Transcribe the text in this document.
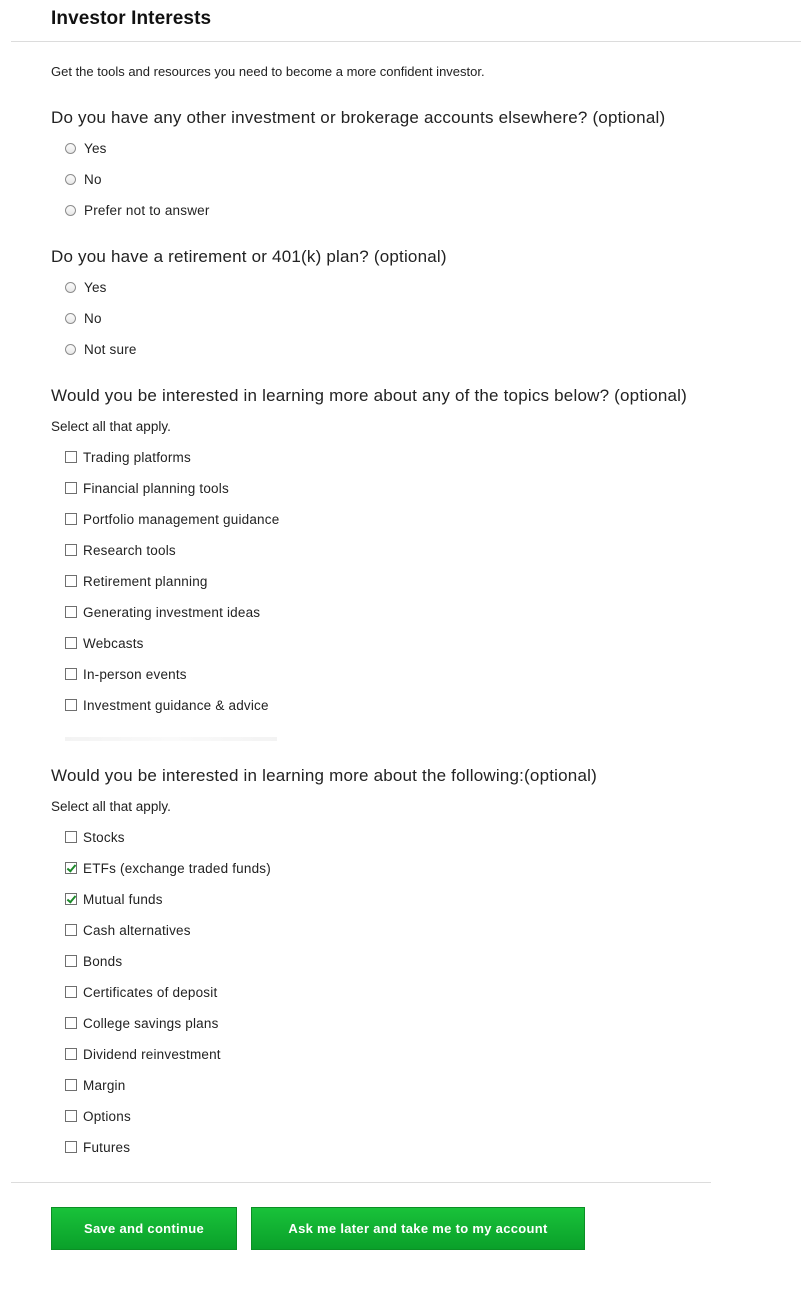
Investor Interests
Get the tools and resources you need to become a more confident investor.
Do you have any other investment or brokerage accounts elsewhere? (optional)
Yes
No
Prefer not to answer
Do you have a retirement or 401(k) plan? (optional)
Yes
No
Not sure
Would you be interested in learning more about any of the topics below? (optional)
Select all that apply.
Trading platforms
Financial planning tools
Portfolio management guidance
Research tools
Retirement planning
Generating investment ideas
Webcasts
In-person events
Investment guidance & advice
Would you be interested in learning more about the following:(optional)
Select all that apply.
Stocks
ETFs (exchange traded funds)
Mutual funds
Cash alternatives
Bonds
Certificates of deposit
College savings plans
Dividend reinvestment
Margin
Options
Futures
Save and continue	Ask me later and take me to my account
